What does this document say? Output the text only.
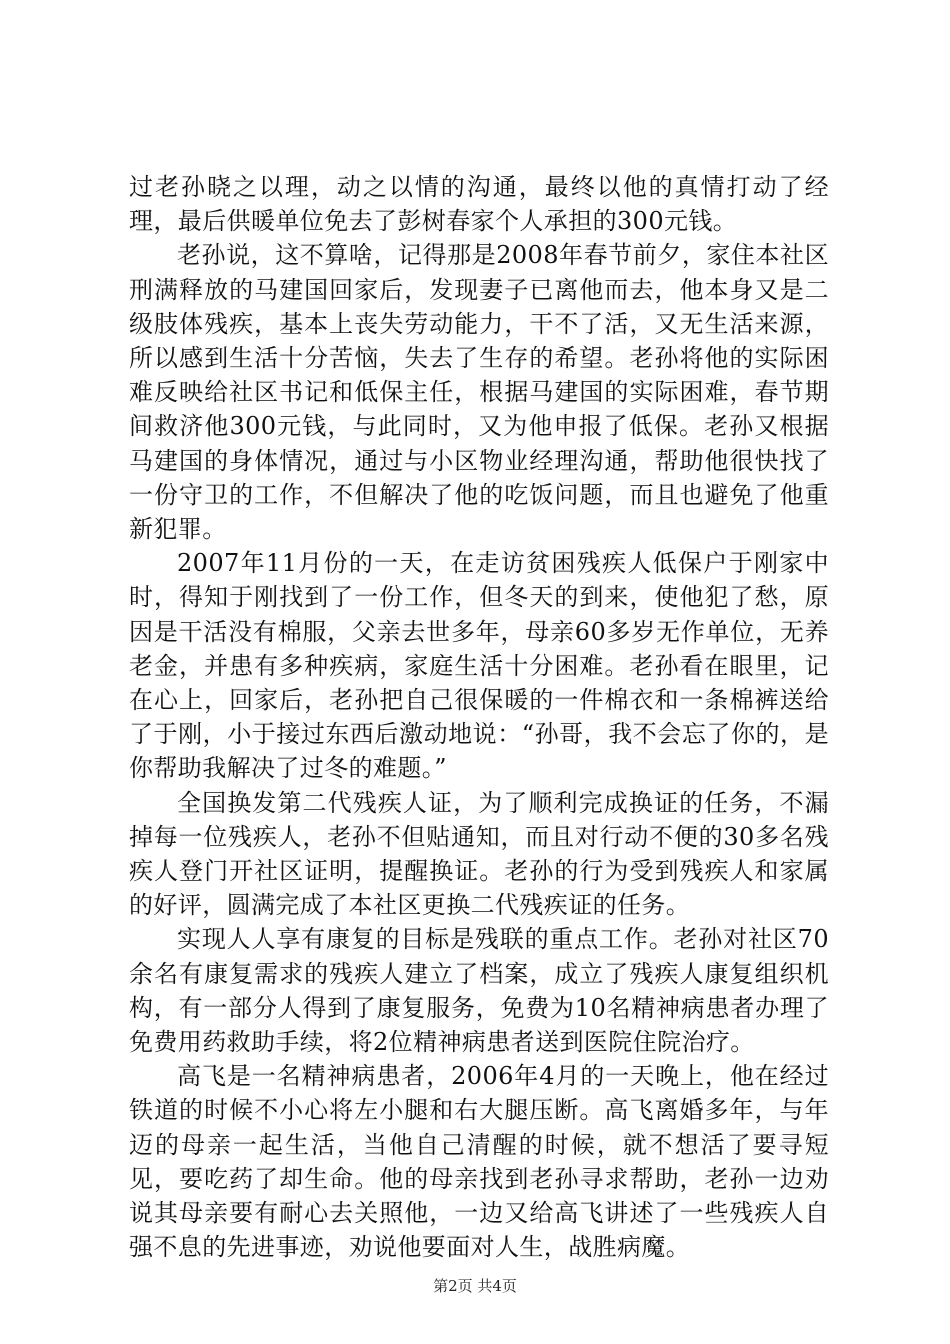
过老孙晓之以理，动之以情的沟通，最终以他的真情打动了经理，最后供暖单位免去了彭树春家个人承担的300元钱。

老孙说，这不算啥，记得那是2008年春节前夕，家住本社区刑满释放的马建国回家后，发现妻子已离他而去，他本身又是二级肢体残疾，基本上丧失劳动能力，干不了活，又无生活来源，所以感到生活十分苦恼，失去了生存的希望。老孙将他的实际困难反映给社区书记和低保主任，根据马建国的实际困难，春节期间救济他300元钱，与此同时，又为他申报了低保。老孙又根据马建国的身体情况，通过与小区物业经理沟通，帮助他很快找了一份守卫的工作，不但解决了他的吃饭问题，而且也避免了他重新犯罪。

2007年11月份的一天，在走访贫困残疾人低保户于刚家中时，得知于刚找到了一份工作，但冬天的到来，使他犯了愁，原因是干活没有棉服，父亲去世多年，母亲60多岁无作单位，无养老金，并患有多种疾病，家庭生活十分困难。老孙看在眼里，记在心上，回家后，老孙把自己很保暖的一件棉衣和一条棉裤送给了于刚，小于接过东西后激动地说：“孙哥，我不会忘了你的，是你帮助我解决了过冬的难题。”

全国换发第二代残疾人证，为了顺利完成换证的任务，不漏掉每一位残疾人，老孙不但贴通知，而且对行动不便的30多名残疾人登门开社区证明，提醒换证。老孙的行为受到残疾人和家属的好评，圆满完成了本社区更换二代残疾证的任务。

实现人人享有康复的目标是残联的重点工作。老孙对社区70余名有康复需求的残疾人建立了档案，成立了残疾人康复组织机构，有一部分人得到了康复服务，免费为10名精神病患者办理了免费用药救助手续，将2位精神病患者送到医院住院治疗。

高飞是一名精神病患者，2006年4月的一天晚上，他在经过铁道的时候不小心将左小腿和右大腿压断。高飞离婚多年，与年迈的母亲一起生活，当他自己清醒的时候，就不想活了要寻短见，要吃药了却生命。他的母亲找到老孙寻求帮助，老孙一边劝说其母亲要有耐心去关照他，一边又给高飞讲述了一些残疾人自强不息的先进事迹，劝说他要面对人生，战胜病魔。

第2页 共4页
